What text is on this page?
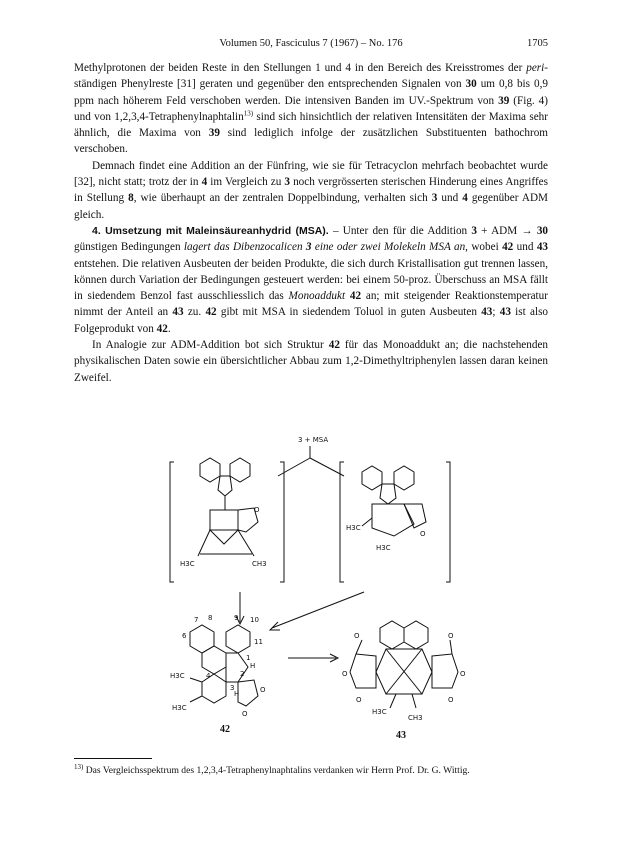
Volumen 50, Fasciculus 7 (1967) – No. 176	1705

Methylprotonen der beiden Reste in den Stellungen 1 und 4 in den Bereich des Kreisstromes der peri-ständigen Phenylreste [31] geraten und gegenüber den entsprechenden Signalen von 30 um 0,8 bis 0,9 ppm nach höherem Feld verschoben werden. Die intensiven Banden im UV.-Spektrum von 39 (Fig. 4) und von 1,2,3,4-Tetraphenylnaphtalin$^{13)}$ sind sich hinsichtlich der relativen Intensitäten der Maxima sehr ähnlich, die Maxima von 39 sind lediglich infolge der zusätzlichen Substituenten bathochrom verschoben.

Demnach findet eine Addition an der Fünfring, wie sie für Tetracyclon mehrfach beobachtet wurde [32], nicht statt; trotz der in 4 im Vergleich zu 3 noch vergrösserten sterischen Hinderung eines Angriffes in Stellung 8, wie überhaupt an der zentralen Doppelbindung, verhalten sich 3 und 4 gegenüber ADM gleich.

4. Umsetzung mit Maleinsäureanhydrid (MSA). – Unter den für die Addition 3 + ADM → 30 günstigen Bedingungen lagert das Dibenzocalicen 3 eine oder zwei Molekeln MSA an, wobei 42 und 43 entstehen. Die relativen Ausbeuten der beiden Produkte, die sich durch Kristallisation gut trennen lassen, können durch Variation der Bedingungen gesteuert werden: bei einem 50-proz. Überschuss an MSA fällt in siedendem Benzol fast ausschliesslich das Monoaddukt 42 an; mit steigender Reaktionstemperatur nimmt der Anteil an 43 zu. 42 gibt mit MSA in siedendem Toluol in guten Ausbeuten 43; 43 ist also Folgeprodukt von 42.

In Analogie zur ADM-Addition bot sich Struktur 42 für das Monoaddukt an; die nachstehenden physikalischen Daten sowie ein übersichtlicher Abbau zum 1,2-Dimethyltriphenylen lassen daran keinen Zweifel.

3 + MSA
O
H3C	CH3
H3C
H3C
O
7 8	9 10
6
11
4
3
2
1
H
H
H3C
H3C
O
O
42
H3C
CH3
O	O
O	O
O	O
43
$^{13)}$ Das Vergleichsspektrum des 1,2,3,4-Tetraphenylnaphtalins verdanken wir Herrn Prof. Dr. G. Wittig.
